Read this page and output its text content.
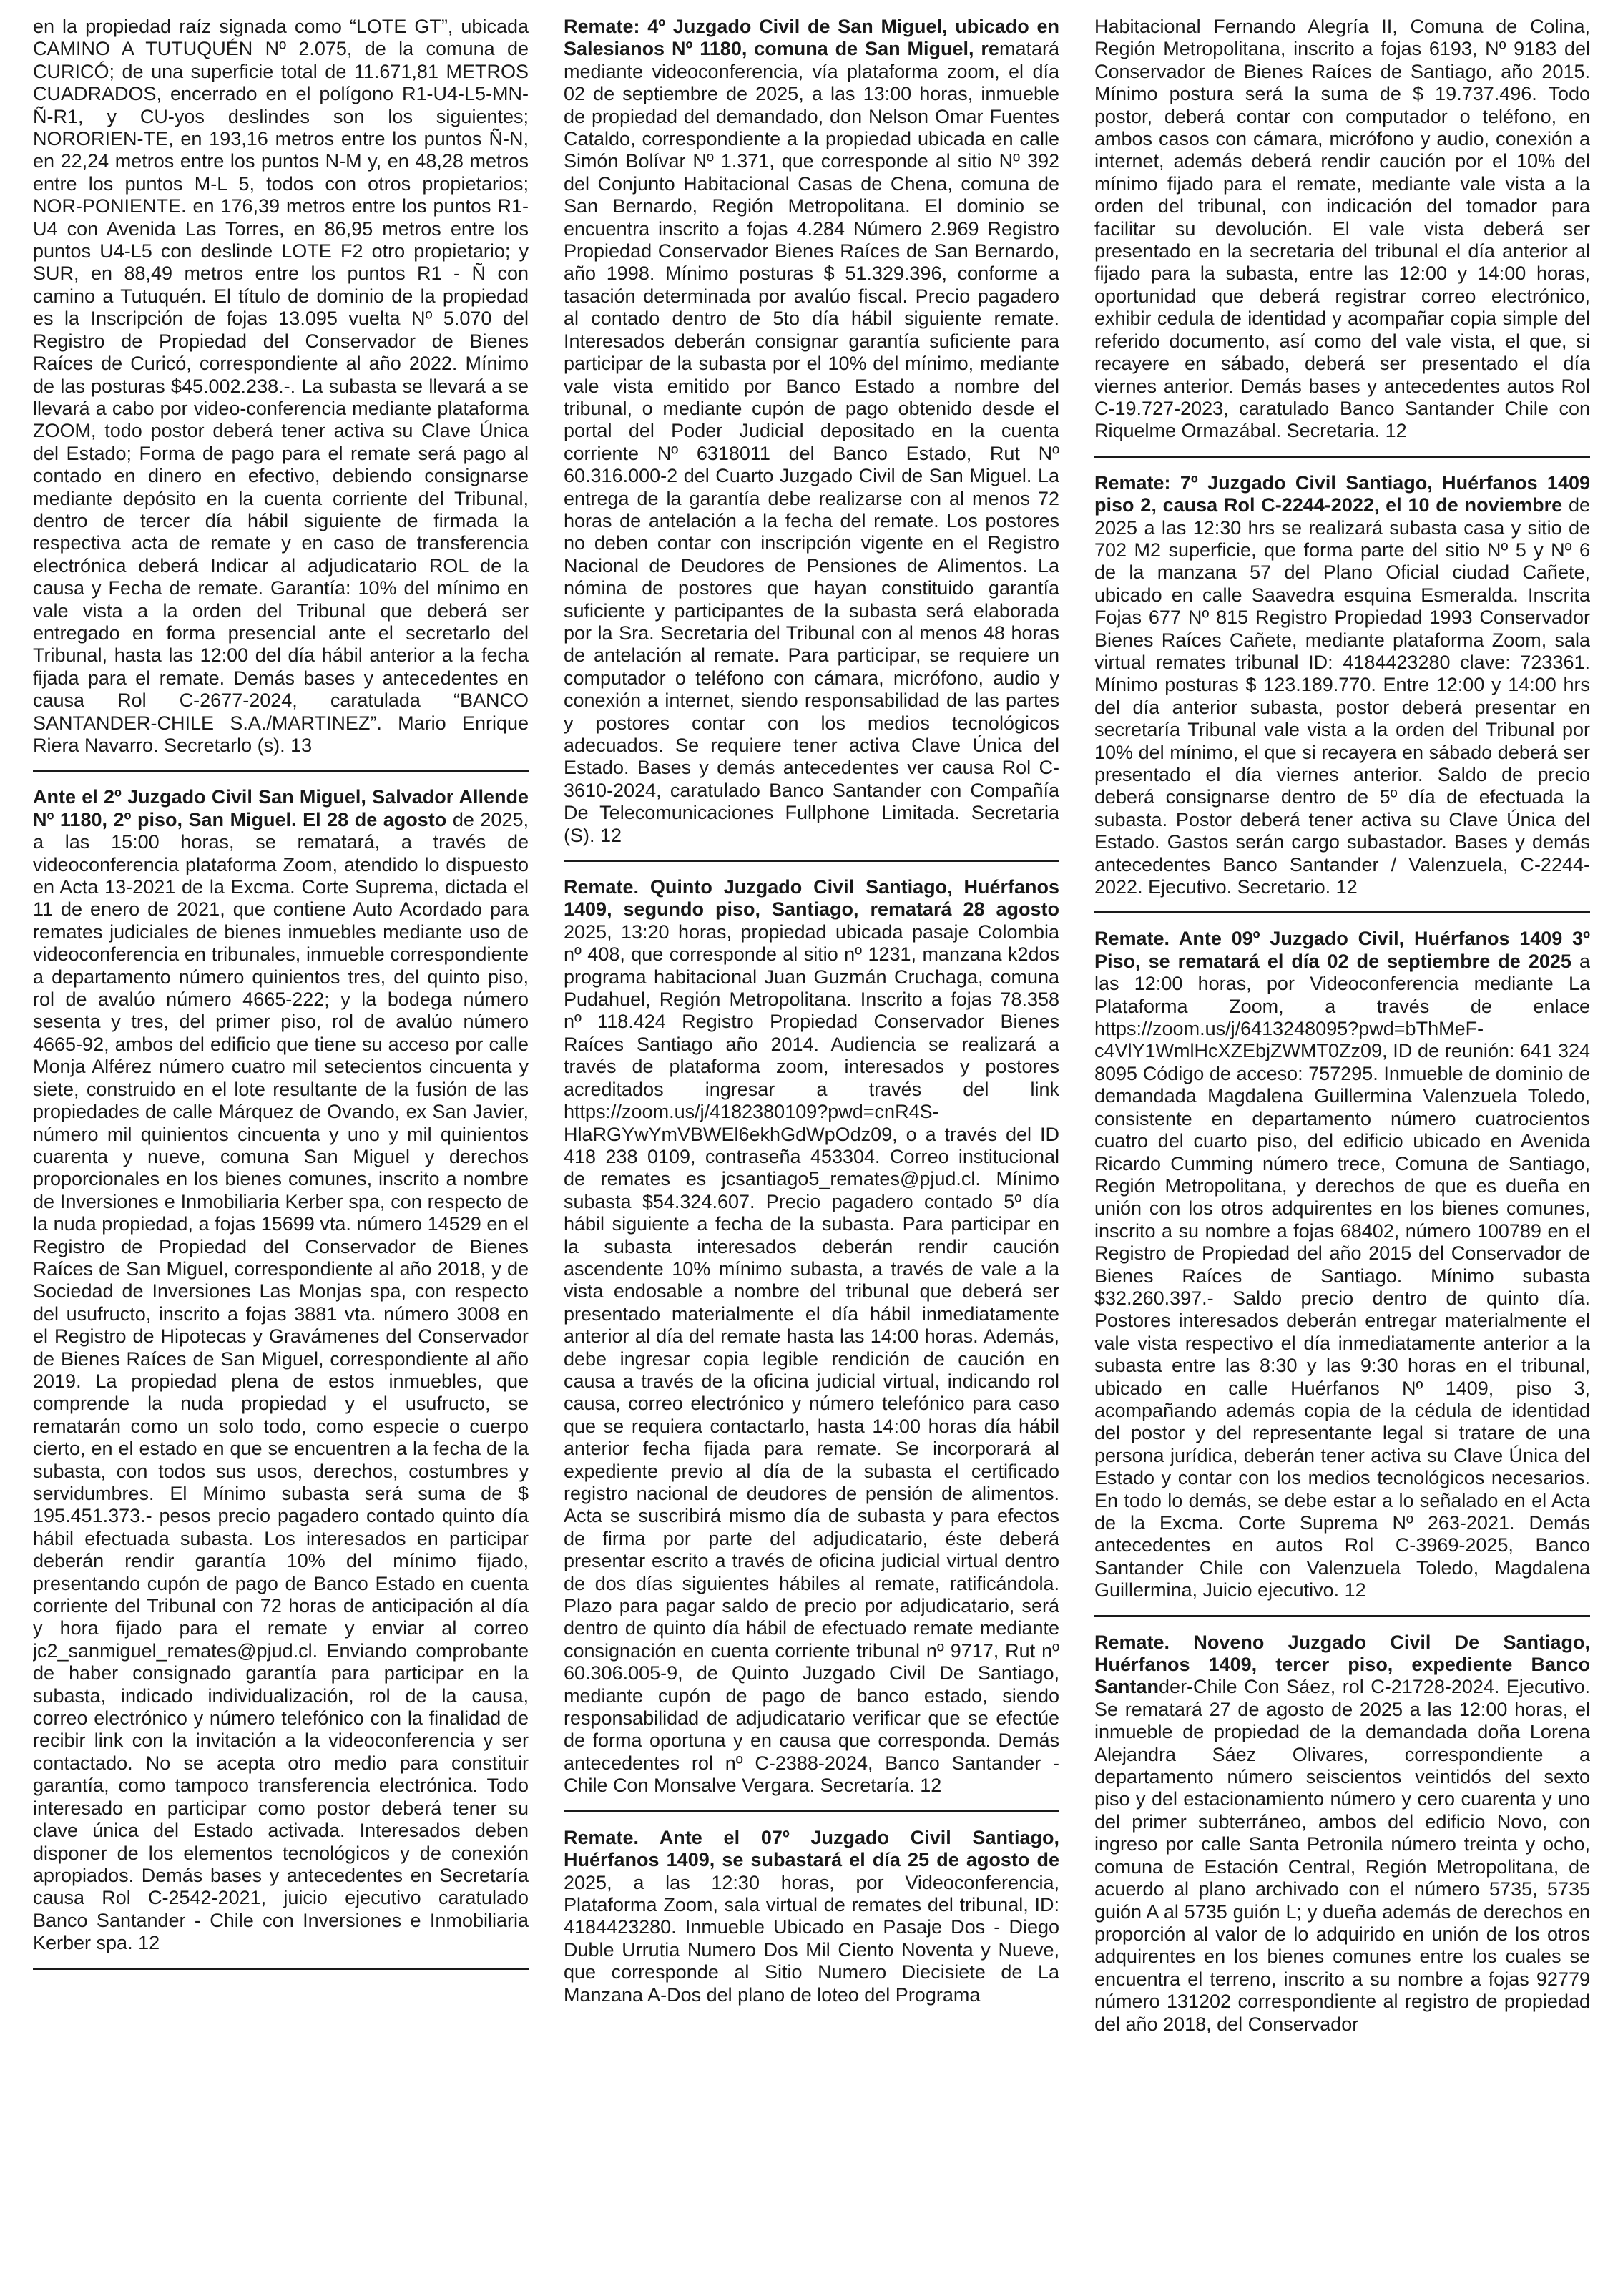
en la propiedad raíz signada como “LOTE GT”, ubicada CAMINO A TUTUQUÉN Nº 2.075, de la comuna de CURICÓ; de una superficie total de 11.671,81 METROS CUADRADOS, encerrado en el polígono R1-U4-L5-MN-Ñ-R1, y CU-yos deslindes son los siguientes; NORORIEN-TE, en 193,16 metros entre los puntos Ñ-N, en 22,24 metros entre los puntos N-M y, en 48,28 metros entre los puntos M-L 5, todos con otros propietarios; NOR-PONIENTE. en 176,39 metros entre los puntos R1-U4 con Avenida Las Torres, en 86,95 metros entre los puntos U4-L5 con deslinde LOTE F2 otro propietario; y SUR, en 88,49 metros entre los puntos R1 - Ñ con camino a Tutuquén. El título de dominio de la propiedad es la Inscripción de fojas 13.095 vuelta Nº 5.070 del Registro de Propiedad del Conservador de Bienes Raíces de Curicó, correspondiente al año 2022. Mínimo de las posturas $45.002.238.-. La subasta se llevará a se llevará a cabo por video-conferencia mediante plataforma ZOOM, todo postor deberá tener activa su Clave Única del Estado; Forma de pago para el remate será pago al contado en dinero en efectivo, debiendo consignarse mediante depósito en la cuenta corriente del Tribunal, dentro de tercer día hábil siguiente de firmada la respectiva acta de remate y en caso de transferencia electrónica deberá Indicar al adjudicatario ROL de la causa y Fecha de remate. Garantía: 10% del mínimo en vale vista a la orden del Tribunal que deberá ser entregado en forma presencial ante el secretarlo del Tribunal, hasta las 12:00 del día hábil anterior a la fecha fijada para el remate. Demás bases y antecedentes en causa Rol C-2677-2024, caratulada “BANCO SANTANDER-CHILE S.A./MARTINEZ”. Mario Enrique Riera Navarro. Secretarlo (s). 13

Ante el 2º Juzgado Civil San Miguel, Salvador Allende Nº 1180, 2º piso, San Miguel. El 28 de agosto de 2025, a las 15:00 horas, se rematará, a través de videoconferencia plataforma Zoom, atendido lo dispuesto en Acta 13-2021 de la Excma. Corte Suprema, dictada el 11 de enero de 2021, que contiene Auto Acordado para remates judiciales de bienes inmuebles mediante uso de videoconferencia en tribunales, inmueble correspondiente a departamento número quinientos tres, del quinto piso, rol de avalúo número 4665-222; y la bodega número sesenta y tres, del primer piso, rol de avalúo número 4665-92, ambos del edificio que tiene su acceso por calle Monja Alférez número cuatro mil setecientos cincuenta y siete, construido en el lote resultante de la fusión de las propiedades de calle Márquez de Ovando, ex San Javier, número mil quinientos cincuenta y uno y mil quinientos cuarenta y nueve, comuna San Miguel y derechos proporcionales en los bienes comunes, inscrito a nombre de Inversiones e Inmobiliaria Kerber spa, con respecto de la nuda propiedad, a fojas 15699 vta. número 14529 en el Registro de Propiedad del Conservador de Bienes Raíces de San Miguel, correspondiente al año 2018, y de Sociedad de Inversiones Las Monjas spa, con respecto del usufructo, inscrito a fojas 3881 vta. número 3008 en el Registro de Hipotecas y Gravámenes del Conservador de Bienes Raíces de San Miguel, correspondiente al año 2019. La propiedad plena de estos inmuebles, que comprende la nuda propiedad y el usufructo, se rematarán como un solo todo, como especie o cuerpo cierto, en el estado en que se encuentren a la fecha de la subasta, con todos sus usos, derechos, costumbres y servidumbres. El Mínimo subasta será suma de $ 195.451.373.- pesos precio pagadero contado quinto día hábil efectuada subasta. Los interesados en participar deberán rendir garantía 10% del mínimo fijado, presentando cupón de pago de Banco Estado en cuenta corriente del Tribunal con 72 horas de anticipación al día y hora fijado para el remate y enviar al correo jc2_sanmiguel_remates@pjud.cl. Enviando comprobante de haber consignado garantía para participar en la subasta, indicado individualización, rol de la causa, correo electrónico y número telefónico con la finalidad de recibir link con la invitación a la videoconferencia y ser contactado. No se acepta otro medio para constituir garantía, como tampoco transferencia electrónica. Todo interesado en participar como postor deberá tener su clave única del Estado activada. Interesados deben disponer de los elementos tecnológicos y de conexión apropiados. Demás bases y antecedentes en Secretaría causa Rol C-2542-2021, juicio ejecutivo caratulado Banco Santander - Chile con Inversiones e Inmobiliaria Kerber spa. 12

Remate: 4º Juzgado Civil de San Miguel, ubicado en Salesianos Nº 1180, comuna de San Miguel, rematará mediante videoconferencia, vía plataforma zoom, el día 02 de septiembre de 2025, a las 13:00 horas, inmueble de propiedad del demandado, don Nelson Omar Fuentes Cataldo, correspondiente a la propiedad ubicada en calle Simón Bolívar Nº 1.371, que corresponde al sitio Nº 392 del Conjunto Habitacional Casas de Chena, comuna de San Bernardo, Región Metropolitana. El dominio se encuentra inscrito a fojas 4.284 Número 2.969 Registro Propiedad Conservador Bienes Raíces de San Bernardo, año 1998. Mínimo posturas $ 51.329.396, conforme a tasación determinada por avalúo fiscal. Precio pagadero al contado dentro de 5to día hábil siguiente remate. Interesados deberán consignar garantía suficiente para participar de la subasta por el 10% del mínimo, mediante vale vista emitido por Banco Estado a nombre del tribunal, o mediante cupón de pago obtenido desde el portal del Poder Judicial depositado en la cuenta corriente Nº 6318011 del Banco Estado, Rut Nº 60.316.000-2 del Cuarto Juzgado Civil de San Miguel. La entrega de la garantía debe realizarse con al menos 72 horas de antelación a la fecha del remate. Los postores no deben contar con inscripción vigente en el Registro Nacional de Deudores de Pensiones de Alimentos. La nómina de postores que hayan constituido garantía suficiente y participantes de la subasta será elaborada por la Sra. Secretaria del Tribunal con al menos 48 horas de antelación al remate. Para participar, se requiere un computador o teléfono con cámara, micrófono, audio y conexión a internet, siendo responsabilidad de las partes y postores contar con los medios tecnológicos adecuados. Se requiere tener activa Clave Única del Estado. Bases y demás antecedentes ver causa Rol C-3610-2024, caratulado Banco Santander con Compañía De Telecomunicaciones Fullphone Limitada. Secretaria (S). 12

Remate. Quinto Juzgado Civil Santiago, Huérfanos 1409, segundo piso, Santiago, rematará 28 agosto 2025, 13:20 horas, propiedad ubicada pasaje Colombia nº 408, que corresponde al sitio nº 1231, manzana k2dos programa habitacional Juan Guzmán Cruchaga, comuna Pudahuel, Región Metropolitana. Inscrito a fojas 78.358 nº 118.424 Registro Propiedad Conservador Bienes Raíces Santiago año 2014. Audiencia se realizará a través de plataforma zoom, interesados y postores acreditados ingresar a través del link https://zoom.us/j/4182380109?pwd=cnR4S-HlaRGYwYmVBWEl6ekhGdWpOdz09, o a través del ID 418 238 0109, contraseña 453304. Correo institucional de remates es jcsantiago5_remates@pjud.cl. Mínimo subasta $54.324.607. Precio pagadero contado 5º día hábil siguiente a fecha de la subasta. Para participar en la subasta interesados deberán rendir caución ascendente 10% mínimo subasta, a través de vale a la vista endosable a nombre del tribunal que deberá ser presentado materialmente el día hábil inmediatamente anterior al día del remate hasta las 14:00 horas. Además, debe ingresar copia legible rendición de caución en causa a través de la oficina judicial virtual, indicando rol causa, correo electrónico y número telefónico para caso que se requiera contactarlo, hasta 14:00 horas día hábil anterior fecha fijada para remate. Se incorporará al expediente previo al día de la subasta el certificado registro nacional de deudores de pensión de alimentos. Acta se suscribirá mismo día de subasta y para efectos de firma por parte del adjudicatario, éste deberá presentar escrito a través de oficina judicial virtual dentro de dos días siguientes hábiles al remate, ratificándola. Plazo para pagar saldo de precio por adjudicatario, será dentro de quinto día hábil de efectuado remate mediante consignación en cuenta corriente tribunal nº 9717, Rut nº 60.306.005-9, de Quinto Juzgado Civil De Santiago, mediante cupón de pago de banco estado, siendo responsabilidad de adjudicatario verificar que se efectúe de forma oportuna y en causa que corresponda. Demás antecedentes rol nº C-2388-2024, Banco Santander - Chile Con Monsalve Vergara. Secretaría. 12

Remate. Ante el 07º Juzgado Civil Santiago, Huérfanos 1409, se subastará el día 25 de agosto de 2025, a las 12:30 horas, por Videoconferencia, Plataforma Zoom, sala virtual de remates del tribunal, ID: 4184423280. Inmueble Ubicado en Pasaje Dos - Diego Duble Urrutia Numero Dos Mil Ciento Noventa y Nueve, que corresponde al Sitio Numero Diecisiete de La Manzana A-Dos del plano de loteo del Programa

Habitacional Fernando Alegría II, Comuna de Colina, Región Metropolitana, inscrito a fojas 6193, Nº 9183 del Conservador de Bienes Raíces de Santiago, año 2015. Mínimo postura será la suma de $ 19.737.496. Todo postor, deberá contar con computador o teléfono, en ambos casos con cámara, micrófono y audio, conexión a internet, además deberá rendir caución por el 10% del mínimo fijado para el remate, mediante vale vista a la orden del tribunal, con indicación del tomador para facilitar su devolución. El vale vista deberá ser presentado en la secretaria del tribunal el día anterior al fijado para la subasta, entre las 12:00 y 14:00 horas, oportunidad que deberá registrar correo electrónico, exhibir cedula de identidad y acompañar copia simple del referido documento, así como del vale vista, el que, si recayere en sábado, deberá ser presentado el día viernes anterior. Demás bases y antecedentes autos Rol C-19.727-2023, caratulado Banco Santander Chile con Riquelme Ormazábal. Secretaria. 12

Remate: 7º Juzgado Civil Santiago, Huérfanos 1409 piso 2, causa Rol C-2244-2022, el 10 de noviembre de 2025 a las 12:30 hrs se realizará subasta casa y sitio de 702 M2 superficie, que forma parte del sitio Nº 5 y Nº 6 de la manzana 57 del Plano Oficial ciudad Cañete, ubicado en calle Saavedra esquina Esmeralda. Inscrita Fojas 677 Nº 815 Registro Propiedad 1993 Conservador Bienes Raíces Cañete, mediante plataforma Zoom, sala virtual remates tribunal ID: 4184423280 clave: 723361. Mínimo posturas $ 123.189.770. Entre 12:00 y 14:00 hrs del día anterior subasta, postor deberá presentar en secretaría Tribunal vale vista a la orden del Tribunal por 10% del mínimo, el que si recayera en sábado deberá ser presentado el día viernes anterior. Saldo de precio deberá consignarse dentro de 5º día de efectuada la subasta. Postor deberá tener activa su Clave Única del Estado. Gastos serán cargo subastador. Bases y demás antecedentes Banco Santander / Valenzuela, C-2244-2022. Ejecutivo. Secretario. 12

Remate. Ante 09º Juzgado Civil, Huérfanos 1409 3º Piso, se rematará el día 02 de septiembre de 2025 a las 12:00 horas, por Videoconferencia mediante La Plataforma Zoom, a través de enlace https://zoom.us/j/6413248095?pwd=bThMeF-c4VlY1WmlHcXZEbjZWMT0Zz09, ID de reunión: 641 324 8095 Código de acceso: 757295. Inmueble de dominio de demandada Magdalena Guillermina Valenzuela Toledo, consistente en departamento número cuatrocientos cuatro del cuarto piso, del edificio ubicado en Avenida Ricardo Cumming número trece, Comuna de Santiago, Región Metropolitana, y derechos de que es dueña en unión con los otros adquirentes en los bienes comunes, inscrito a su nombre a fojas 68402, número 100789 en el Registro de Propiedad del año 2015 del Conservador de Bienes Raíces de Santiago. Mínimo subasta $32.260.397.- Saldo precio dentro de quinto día. Postores interesados deberán entregar materialmente el vale vista respectivo el día inmediatamente anterior a la subasta entre las 8:30 y las 9:30 horas en el tribunal, ubicado en calle Huérfanos Nº 1409, piso 3, acompañando además copia de la cédula de identidad del postor y del representante legal si tratare de una persona jurídica, deberán tener activa su Clave Única del Estado y contar con los medios tecnológicos necesarios. En todo lo demás, se debe estar a lo señalado en el Acta de la Excma. Corte Suprema Nº 263-2021. Demás antecedentes en autos Rol C-3969-2025, Banco Santander Chile con Valenzuela Toledo, Magdalena Guillermina, Juicio ejecutivo. 12

Remate. Noveno Juzgado Civil De Santiago, Huérfanos 1409, tercer piso, expediente Banco Santander-Chile Con Sáez, rol C-21728-2024. Ejecutivo. Se rematará 27 de agosto de 2025 a las 12:00 horas, el inmueble de propiedad de la demandada doña Lorena Alejandra Sáez Olivares, correspondiente a departamento número seiscientos veintidós del sexto piso y del estacionamiento número y cero cuarenta y uno del primer subterráneo, ambos del edificio Novo, con ingreso por calle Santa Petronila número treinta y ocho, comuna de Estación Central, Región Metropolitana, de acuerdo al plano archivado con el número 5735, 5735 guión A al 5735 guión L; y dueña además de derechos en proporción al valor de lo adquirido en unión de los otros adquirentes en los bienes comunes entre los cuales se encuentra el terreno, inscrito a su nombre a fojas 92779 número 131202 correspondiente al registro de propiedad del año 2018, del Conservador
